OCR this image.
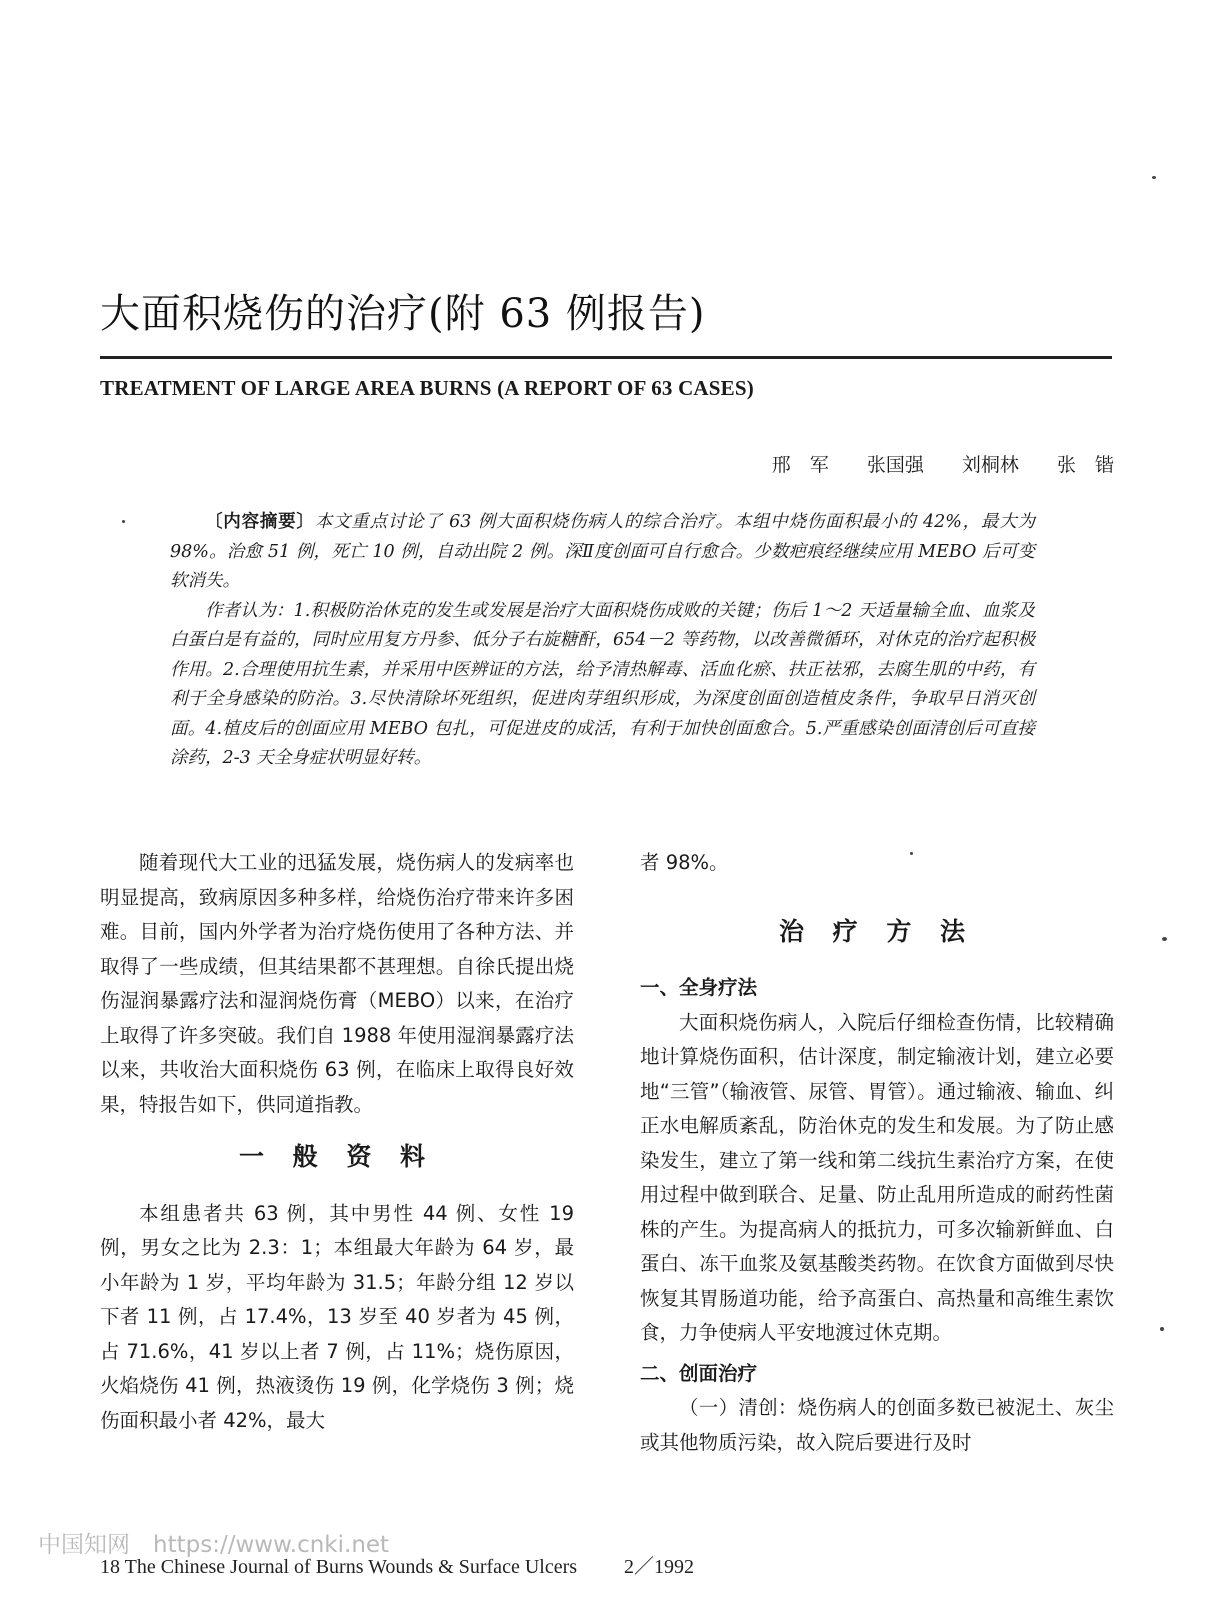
大面积烧伤的治疗(附 63 例报告)
TREATMENT OF LARGE AREA BURNS (A REPORT OF 63 CASES)
邢　军 张国强 刘桐林 张　锴

〔内容摘要〕本文重点讨论了 63 例大面积烧伤病人的综合治疗。本组中烧伤面积最小的 42%，最大为 98%。治愈 51 例，死亡 10 例，自动出院 2 例。深Ⅱ度创面可自行愈合。少数疤痕经继续应用 MEBO 后可变软消失。

作者认为：1.积极防治休克的发生或发展是治疗大面积烧伤成败的关键；伤后 1～2 天适量输全血、血浆及白蛋白是有益的，同时应用复方丹参、低分子右旋糖酐，654－2 等药物，以改善微循环，对休克的治疗起积极作用。2.合理使用抗生素，并采用中医辨证的方法，给予清热解毒、活血化瘀、扶正祛邪，去腐生肌的中药，有利于全身感染的防治。3.尽快清除坏死组织，促进肉芽组织形成，为深度创面创造植皮条件，争取早日消灭创面。4.植皮后的创面应用 MEBO 包扎，可促进皮的成活，有利于加快创面愈合。5.严重感染创面清创后可直接涂药，2-3 天全身症状明显好转。

随着现代大工业的迅猛发展，烧伤病人的发病率也明显提高，致病原因多种多样，给烧伤治疗带来许多困难。目前，国内外学者为治疗烧伤使用了各种方法、并取得了一些成绩，但其结果都不甚理想。自徐氏提出烧伤湿润暴露疗法和湿润烧伤膏（MEBO）以来，在治疗上取得了许多突破。我们自 1988 年使用湿润暴露疗法以来，共收治大面积烧伤 63 例，在临床上取得良好效果，特报告如下，供同道指教。

一 般 资 料

本组患者共 63 例，其中男性 44 例、女性 19 例，男女之比为 2.3：1；本组最大年龄为 64 岁，最小年龄为 1 岁，平均年龄为 31.5；年龄分组 12 岁以下者 11 例，占 17.4%，13 岁至 40 岁者为 45 例，占 71.6%，41 岁以上者 7 例，占 11%；烧伤原因，火焰烧伤 41 例，热液烫伤 19 例，化学烧伤 3 例；烧伤面积最小者 42%，最大

者 98%。

治 疗 方 法

一、全身疗法

大面积烧伤病人，入院后仔细检查伤情，比较精确地计算烧伤面积，估计深度，制定输液计划，建立必要地“三管”（输液管、尿管、胃管）。通过输液、输血、纠正水电解质紊乱，防治休克的发生和发展。为了防止感染发生，建立了第一线和第二线抗生素治疗方案，在使用过程中做到联合、足量、防止乱用所造成的耐药性菌株的产生。为提高病人的抵抗力，可多次输新鲜血、白蛋白、冻干血浆及氨基酸类药物。在饮食方面做到尽快恢复其胃肠道功能，给予高蛋白、高热量和高维生素饮食，力争使病人平安地渡过休克期。

二、创面治疗

（一）清创：烧伤病人的创面多数已被泥土、灰尘或其他物质污染，故入院后要进行及时

中国知网　https://www.cnki.net
18 The Chinese Journal of Burns Wounds & Surface Ulcers 2／1992
